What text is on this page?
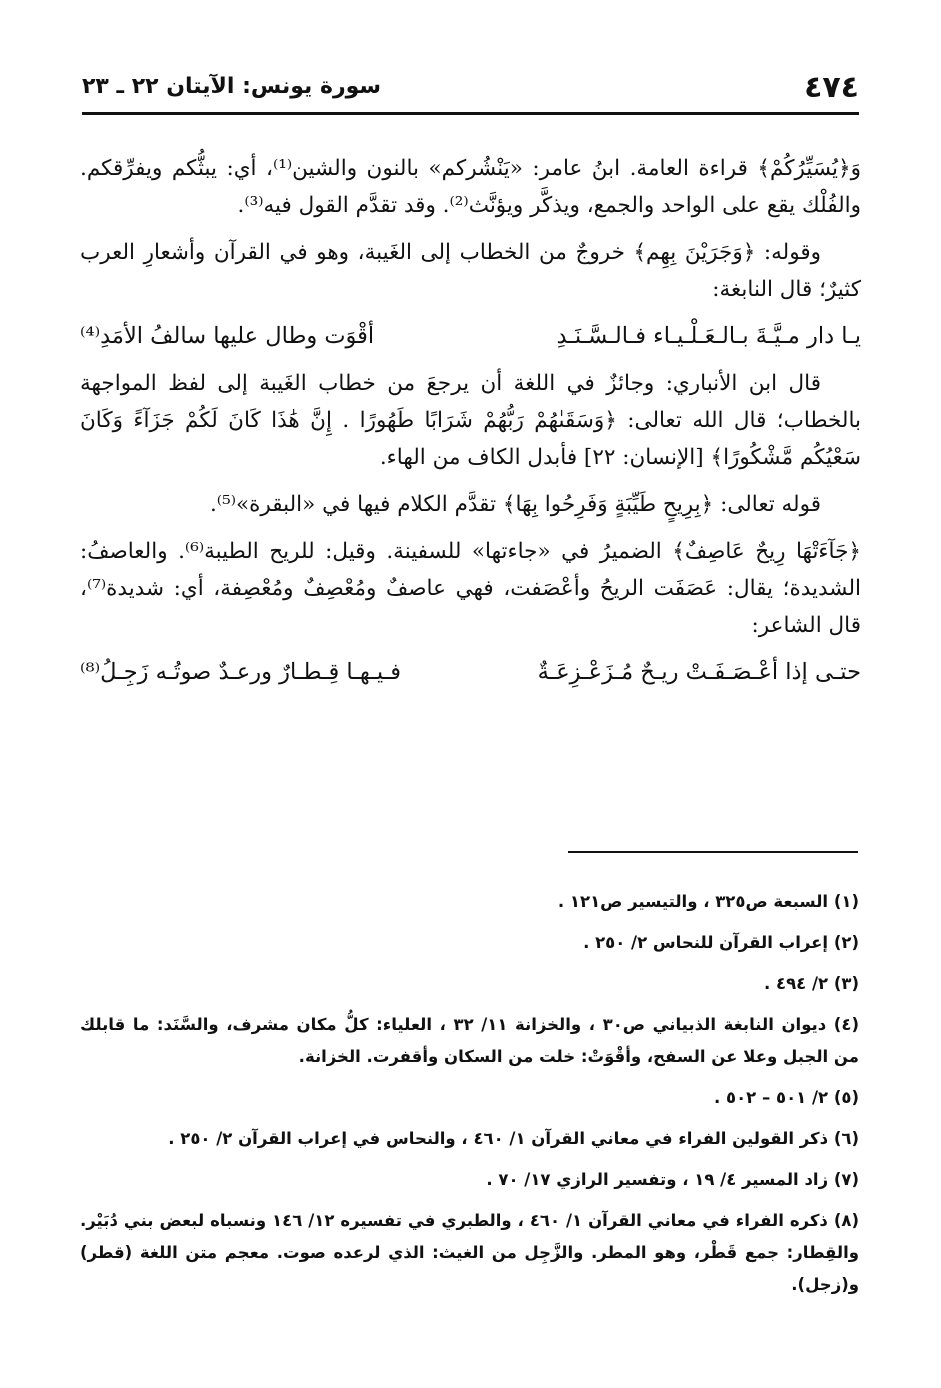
٤٧٤
سورة يونس: الآيتان ٢٢ ـ ٢٣

وَ﴿يُسَيِّرُكُمْ﴾ قراءة العامة. ابنُ عامر: «يَنْشُركم» بالنون والشين⁽¹⁾، أي: يبثُّكم ويفرِّقكم. والفُلْك يقع على الواحد والجمع، ويذكَّر ويؤنَّث⁽²⁾. وقد تقدَّم القول فيه⁽³⁾.

وقوله: ﴿وَجَرَيْنَ بِهِم﴾ خروجٌ من الخطاب إلى الغَيبة، وهو في القرآن وأشعارِ العرب كثيرٌ؛ قال النابغة:

يـا دار مـيَّـةَ بـالـعَـلْـيـاء فـالـسَّـنَـدِ
أقْوَت وطال عليها سالفُ الأمَدِ⁽⁴⁾

قال ابن الأنباري: وجائزٌ في اللغة أن يرجعَ من خطاب الغَيبة إلى لفظ المواجهة بالخطاب؛ قال الله تعالى: ﴿وَسَقَىٰهُمْ رَبُّهُمْ شَرَابًا طَهُورًا . إِنَّ هَٰذَا كَانَ لَكُمْ جَزَآءً وَكَانَ سَعْيُكُم مَّشْكُورًا﴾ [الإنسان: ٢٢] فأبدل الكاف من الهاء.

قوله تعالى: ﴿بِرِيحٍ طَيِّبَةٍ وَفَرِحُوا بِهَا﴾ تقدَّم الكلام فيها في «البقرة»⁽⁵⁾.

﴿جَآءَتْهَا رِيحٌ عَاصِفٌ﴾ الضميرُ في «جاءتها» للسفينة. وقيل: للريح الطيبة⁽⁶⁾. والعاصفُ: الشديدة؛ يقال: عَصَفَت الريحُ وأعْصَفت، فهي عاصفٌ ومُعْصِفٌ ومُعْصِفة، أي: شديدة⁽⁷⁾، قال الشاعر:

حتـى إذا أعْـصَـفَـتْ ريـحٌ مُـزَعْـزِعَـةٌ
فـيـهـا قِـطـارٌ ورعـدٌ صوتُـه زَجِـلُ⁽⁸⁾

(١) السبعة ص٣٢٥ ، والتيسير ص١٢١ .

(٢) إعراب القرآن للنحاس ٢/ ٢٥٠ .

(٣) ٢/ ٤٩٤ .

(٤) ديوان النابغة الذبياني ص٣٠ ، والخزانة ١١/ ٣٢ ، العلياء: كلُّ مكان مشرف، والسَّنَد: ما قابلك من الجبل وعلا عن السفح، وأقْوَتْ: خلت من السكان وأقفرت. الخزانة.

(٥) ٢/ ٥٠١ – ٥٠٢ .

(٦) ذكر القولين الفراء في معاني القرآن ١/ ٤٦٠ ، والنحاس في إعراب القرآن ٢/ ٢٥٠ .

(٧) زاد المسير ٤/ ١٩ ، وتفسير الرازي ١٧/ ٧٠ .

(٨) ذكره الفراء في معاني القرآن ١/ ٤٦٠ ، والطبري في تفسيره ١٢/ ١٤٦ ونسباه لبعض بني دُبَيْر. والقِطار: جمع قَطْر، وهو المطر. والزَّجِل من الغيث: الذي لرعده صوت. معجم متن اللغة (قطر) و(زجل).
